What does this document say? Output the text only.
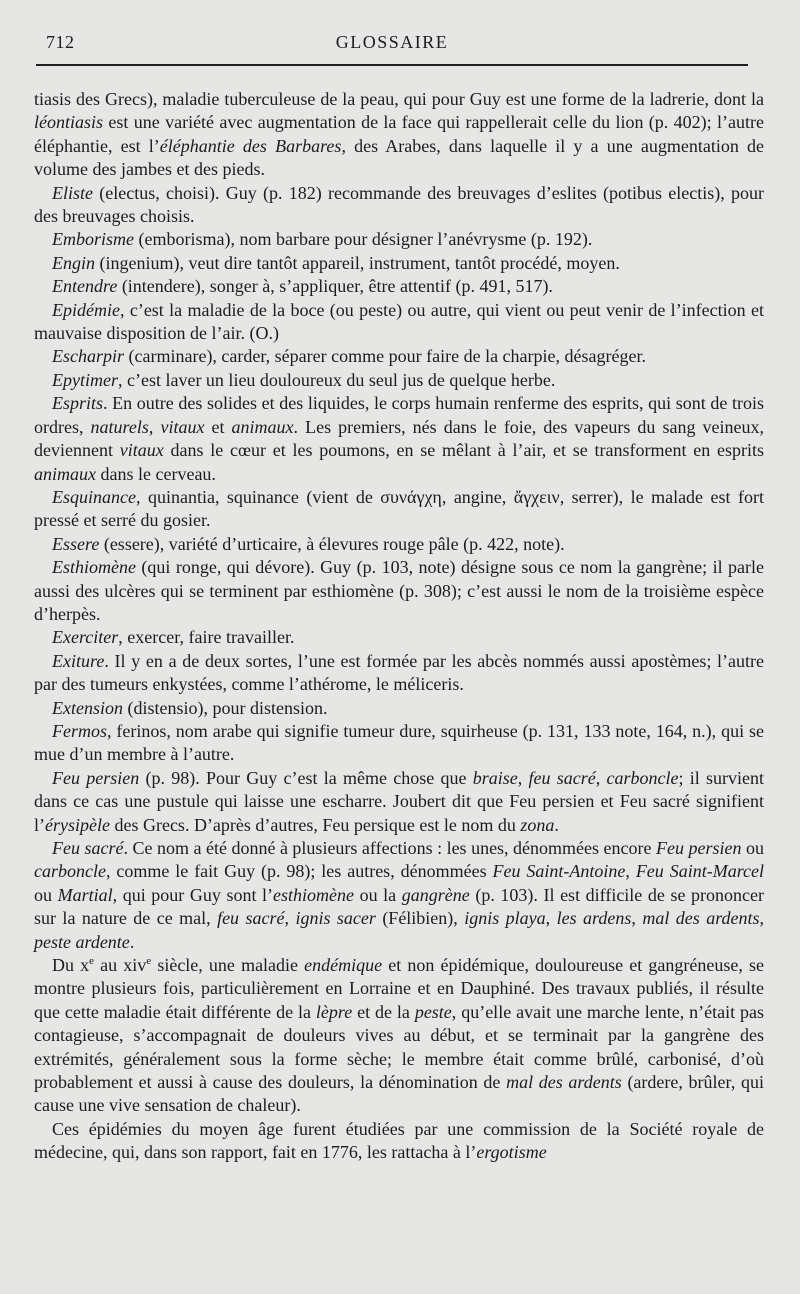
712	GLOSSAIRE

tiasis des Grecs), maladie tuberculeuse de la peau, qui pour Guy est une forme de la ladrerie, dont la léontiasis est une variété avec augmentation de la face qui rappellerait celle du lion (p. 402); l’autre éléphantie, est l’éléphantie des Barbares, des Arabes, dans laquelle il y a une augmentation de volume des jambes et des pieds.

Eliste (electus, choisi). Guy (p. 182) recommande des breuvages d’eslites (potibus electis), pour des breuvages choisis.

Emborisme (emborisma), nom barbare pour désigner l’anévrysme (p. 192).

Engin (ingenium), veut dire tantôt appareil, instrument, tantôt procédé, moyen.

Entendre (intendere), songer à, s’appliquer, être attentif (p. 491, 517).

Epidémie, c’est la maladie de la boce (ou peste) ou autre, qui vient ou peut venir de l’infection et mauvaise disposition de l’air. (O.)

Escharpir (carminare), carder, séparer comme pour faire de la charpie, désagréger.

Epytimer, c’est laver un lieu douloureux du seul jus de quelque herbe.

Esprits. En outre des solides et des liquides, le corps humain renferme des esprits, qui sont de trois ordres, naturels, vitaux et animaux. Les premiers, nés dans le foie, des vapeurs du sang veineux, deviennent vitaux dans le cœur et les poumons, en se mêlant à l’air, et se transforment en esprits animaux dans le cerveau.

Esquinance, quinantia, squinance (vient de συνάγχη, angine, ἄγχειν, serrer), le malade est fort pressé et serré du gosier.

Essere (essere), variété d’urticaire, à élevures rouge pâle (p. 422, note).

Esthiomène (qui ronge, qui dévore). Guy (p. 103, note) désigne sous ce nom la gangrène; il parle aussi des ulcères qui se terminent par esthiomène (p. 308); c’est aussi le nom de la troisième espèce d’herpès.

Exerciter, exercer, faire travailler.

Exiture. Il y en a de deux sortes, l’une est formée par les abcès nommés aussi apostèmes; l’autre par des tumeurs enkystées, comme l’athérome, le méliceris.

Extension (distensio), pour distension.

Fermos, ferinos, nom arabe qui signifie tumeur dure, squirheuse (p. 131, 133 note, 164, n.), qui se mue d’un membre à l’autre.

Feu persien (p. 98). Pour Guy c’est la même chose que braise, feu sacré, carboncle; il survient dans ce cas une pustule qui laisse une escharre. Joubert dit que Feu persien et Feu sacré signifient l’érysipèle des Grecs. D’après d’autres, Feu persique est le nom du zona.

Feu sacré. Ce nom a été donné à plusieurs affections : les unes, dénommées encore Feu persien ou carboncle, comme le fait Guy (p. 98); les autres, dénommées Feu Saint-Antoine, Feu Saint-Marcel ou Martial, qui pour Guy sont l’esthiomène ou la gangrène (p. 103). Il est difficile de se prononcer sur la nature de ce mal, feu sacré, ignis sacer (Félibien), ignis playa, les ardens, mal des ardents, peste ardente.

Du $x^e$ au xiv$^e$ siècle, une maladie endémique et non épidémique, douloureuse et gangréneuse, se montre plusieurs fois, particulièrement en Lorraine et en Dauphiné. Des travaux publiés, il résulte que cette maladie était différente de la lèpre et de la peste, qu’elle avait une marche lente, n’était pas contagieuse, s’accompagnait de douleurs vives au début, et se terminait par la gangrène des extrémités, généralement sous la forme sèche; le membre était comme brûlé, carbonisé, d’où probablement et aussi à cause des douleurs, la dénomination de mal des ardents (ardere, brûler, qui cause une vive sensation de chaleur).

Ces épidémies du moyen âge furent étudiées par une commission de la Société royale de médecine, qui, dans son rapport, fait en 1776, les rattacha à l’ergotisme
